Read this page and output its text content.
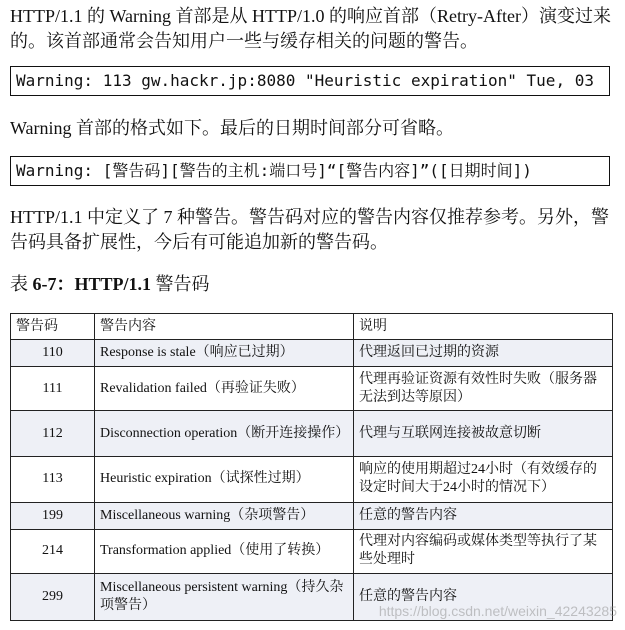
HTTP/1.1 的 Warning 首部是从 HTTP/1.0 的响应首部（Retry-After）演变过来的。该首部通常会告知用户一些与缓存相关的问题的警告。

Warning: 113 gw.hackr.jp:8080 "Heuristic expiration" Tue, 03

Warning 首部的格式如下。最后的日期时间部分可省略。

Warning: [警告码][警告的主机:端口号]“[警告内容]”([日期时间])

HTTP/1.1 中定义了 7 种警告。警告码对应的警告内容仅推荐参考。另外，警告码具备扩展性，今后有可能追加新的警告码。

表 6-7：HTTP/1.1 警告码

警告码	警告内容	说明
110	Response is stale（响应已过期）	代理返回已过期的资源
111	Revalidation failed（再验证失败）	代理再验证资源有效性时失败（服务器无法到达等原因）
112	Disconnection operation（断开连接操作）	代理与互联网连接被故意切断
113	Heuristic expiration（试探性过期）	响应的使用期超过24小时（有效缓存的设定时间大于24小时的情况下）
199	Miscellaneous warning（杂项警告）	任意的警告内容
214	Transformation applied（使用了转换）	代理对内容编码或媒体类型等执行了某些处理时
299	Miscellaneous persistent warning（持久杂项警告）	任意的警告内容
https://blog.csdn.net/weixin_42243285
